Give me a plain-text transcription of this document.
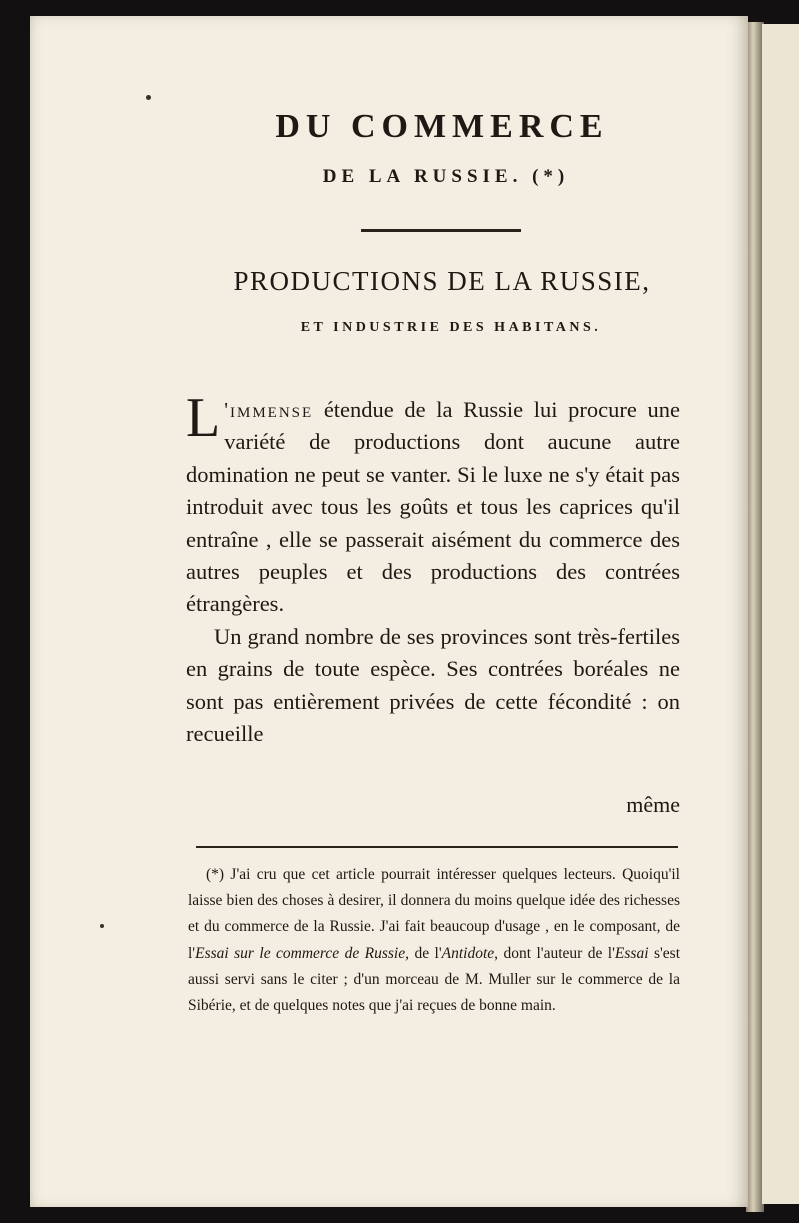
DU COMMERCE
DE LA RUSSIE. (*)
PRODUCTIONS DE LA RUSSIE,
ET INDUSTRIE DES HABITANS.

L 'immense étendue de la Russie lui procure une variété de productions dont aucune autre domination ne peut se vanter. Si le luxe ne s'y était pas introduit avec tous les goûts et tous les caprices qu'il entraîne , elle se passerait aisément du commerce des autres peuples et des productions des contrées étrangères.

Un grand nombre de ses provinces sont très-fertiles en grains de toute espèce. Ses contrées boréales ne sont pas entièrement privées de cette fécondité : on recueille

même

(*) J'ai cru que cet article pourrait intéresser quelques lecteurs. Quoiqu'il laisse bien des choses à desirer, il donnera du moins quelque idée des richesses et du commerce de la Russie. J'ai fait beaucoup d'usage , en le composant, de l'Essai sur le commerce de Russie, de l'Antidote, dont l'auteur de l'Essai s'est aussi servi sans le citer ; d'un morceau de M. Muller sur le commerce de la Sibérie, et de quelques notes que j'ai reçues de bonne main.
